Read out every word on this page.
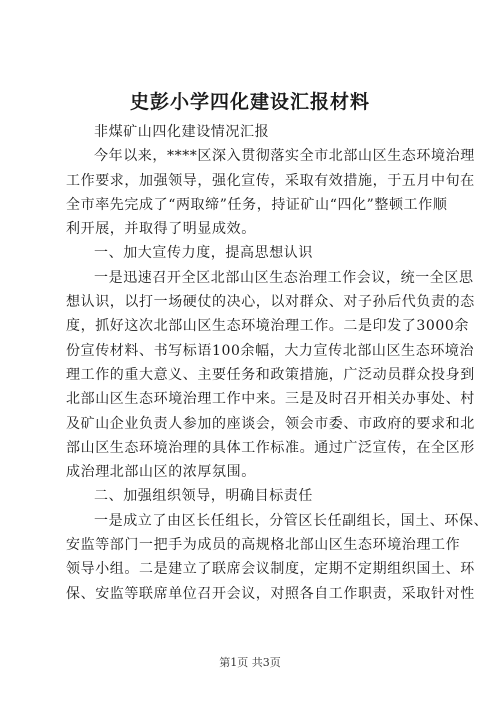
史彭小学四化建设汇报材料
非煤矿山四化建设情况汇报
今年以来，****区深入贯彻落实全市北部山区生态环境治理
工作要求，加强领导，强化宣传，采取有效措施，于五月中旬在
全市率先完成了“两取缔”任务，持证矿山“四化”整顿工作顺
利开展，并取得了明显成效。
一、加大宣传力度，提高思想认识
一是迅速召开全区北部山区生态治理工作会议，统一全区思
想认识，以打一场硬仗的决心，以对群众、对子孙后代负责的态
度，抓好这次北部山区生态环境治理工作。二是印发了3000余
份宣传材料、书写标语100余幅，大力宣传北部山区生态环境治
理工作的重大意义、主要任务和政策措施，广泛动员群众投身到
北部山区生态环境治理工作中来。三是及时召开相关办事处、村
及矿山企业负责人参加的座谈会，领会市委、市政府的要求和北
部山区生态环境治理的具体工作标准。通过广泛宣传，在全区形
成治理北部山区的浓厚氛围。
二、加强组织领导，明确目标责任
一是成立了由区长任组长，分管区长任副组长，国土、环保、
安监等部门一把手为成员的高规格北部山区生态环境治理工作
领导小组。二是建立了联席会议制度，定期不定期组织国土、环
保、安监等联席单位召开会议，对照各自工作职责，采取针对性
第1页 共3页
